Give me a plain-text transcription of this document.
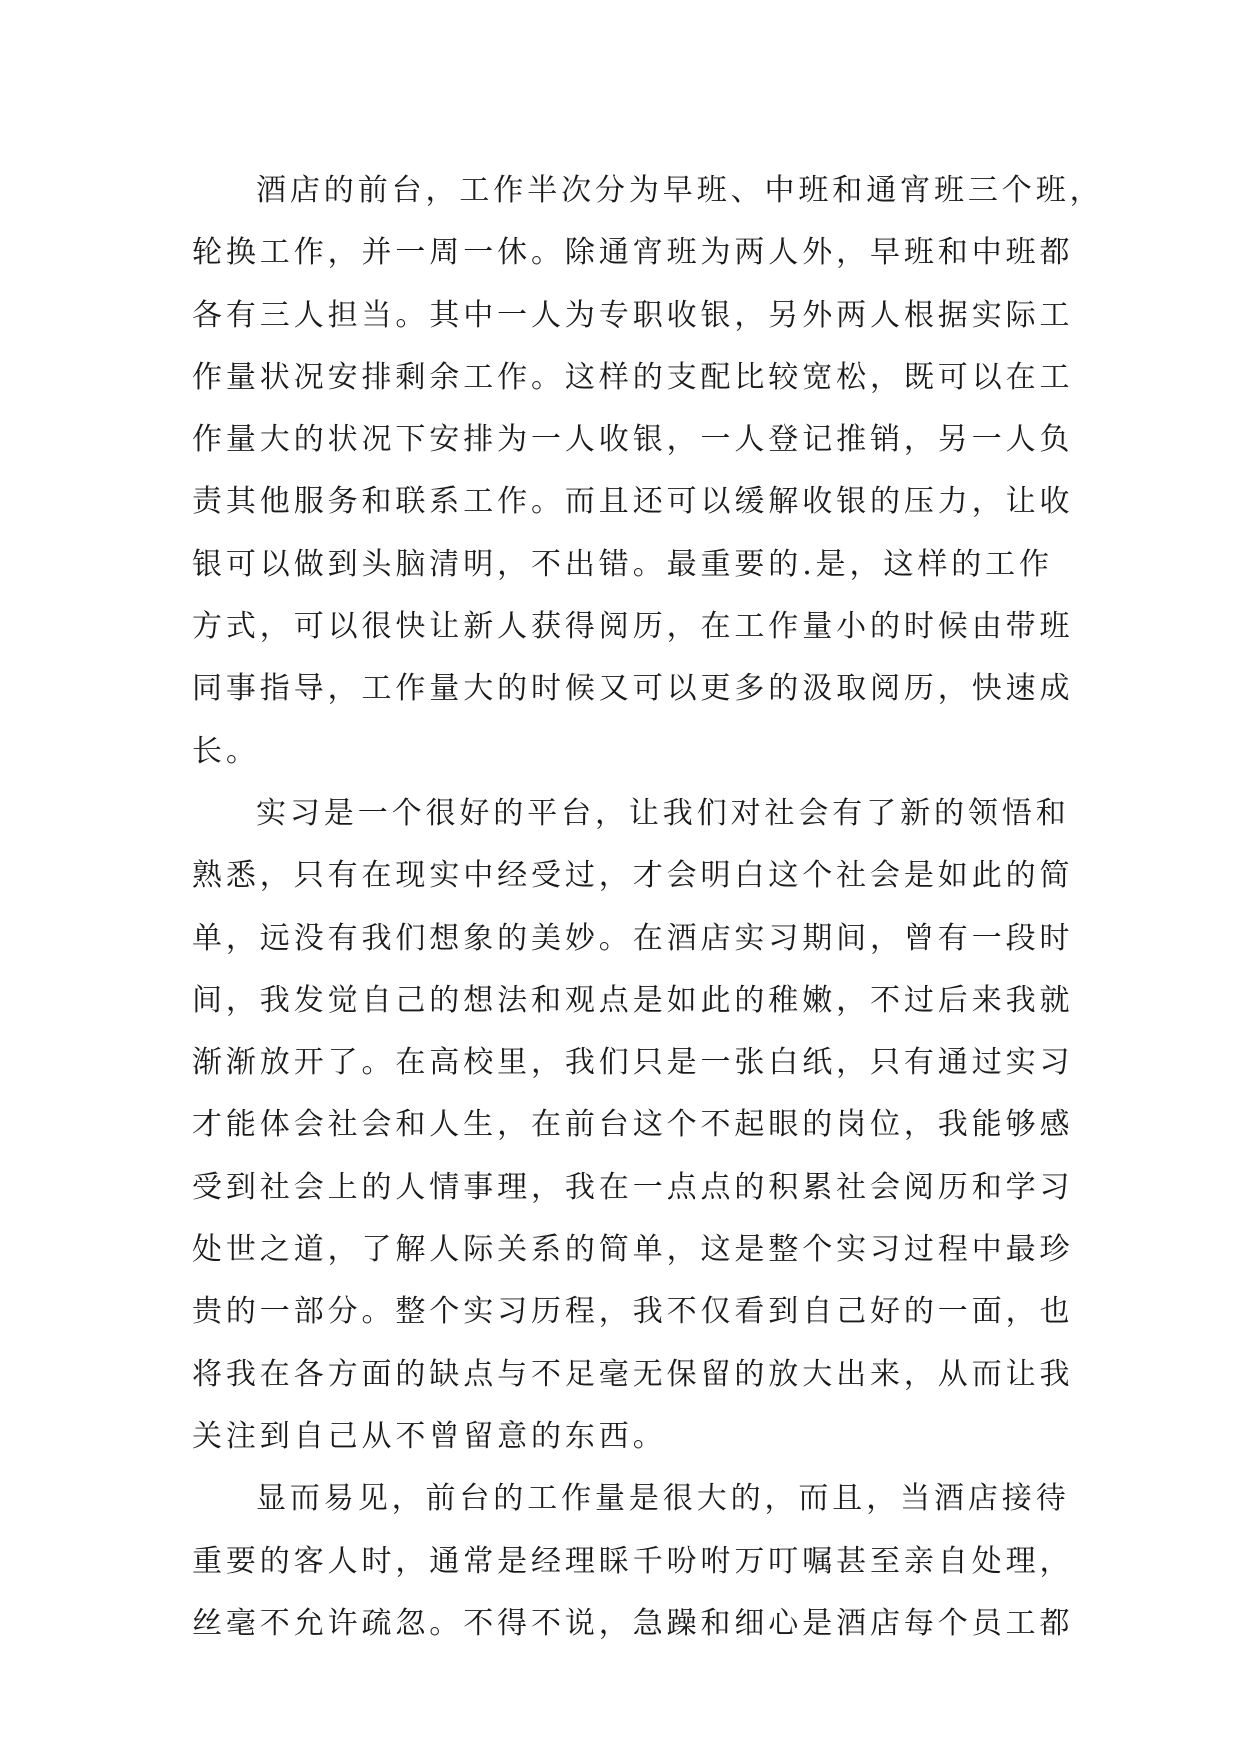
酒店的前台，工作半次分为早班、中班和通宵班三个班，
轮换工作，并一周一休。除通宵班为两人外，早班和中班都
各有三人担当。其中一人为专职收银，另外两人根据实际工
作量状况安排剩余工作。这样的支配比较宽松，既可以在工
作量大的状况下安排为一人收银，一人登记推销，另一人负
责其他服务和联系工作。而且还可以缓解收银的压力，让收
银可以做到头脑清明，不出错。最重要的.是，这样的工作
方式，可以很快让新人获得阅历，在工作量小的时候由带班
同事指导，工作量大的时候又可以更多的汲取阅历，快速成
长。

实习是一个很好的平台，让我们对社会有了新的领悟和
熟悉，只有在现实中经受过，才会明白这个社会是如此的简
单，远没有我们想象的美妙。在酒店实习期间，曾有一段时
间，我发觉自己的想法和观点是如此的稚嫩，不过后来我就
渐渐放开了。在高校里，我们只是一张白纸，只有通过实习
才能体会社会和人生，在前台这个不起眼的岗位，我能够感
受到社会上的人情事理，我在一点点的积累社会阅历和学习
处世之道，了解人际关系的简单，这是整个实习过程中最珍
贵的一部分。整个实习历程，我不仅看到自己好的一面，也
将我在各方面的缺点与不足毫无保留的放大出来，从而让我
关注到自己从不曾留意的东西。

显而易见，前台的工作量是很大的，而且，当酒店接待
重要的客人时，通常是经理睬千吩咐万叮嘱甚至亲自处理，
丝毫不允许疏忽。不得不说，急躁和细心是酒店每个员工都
